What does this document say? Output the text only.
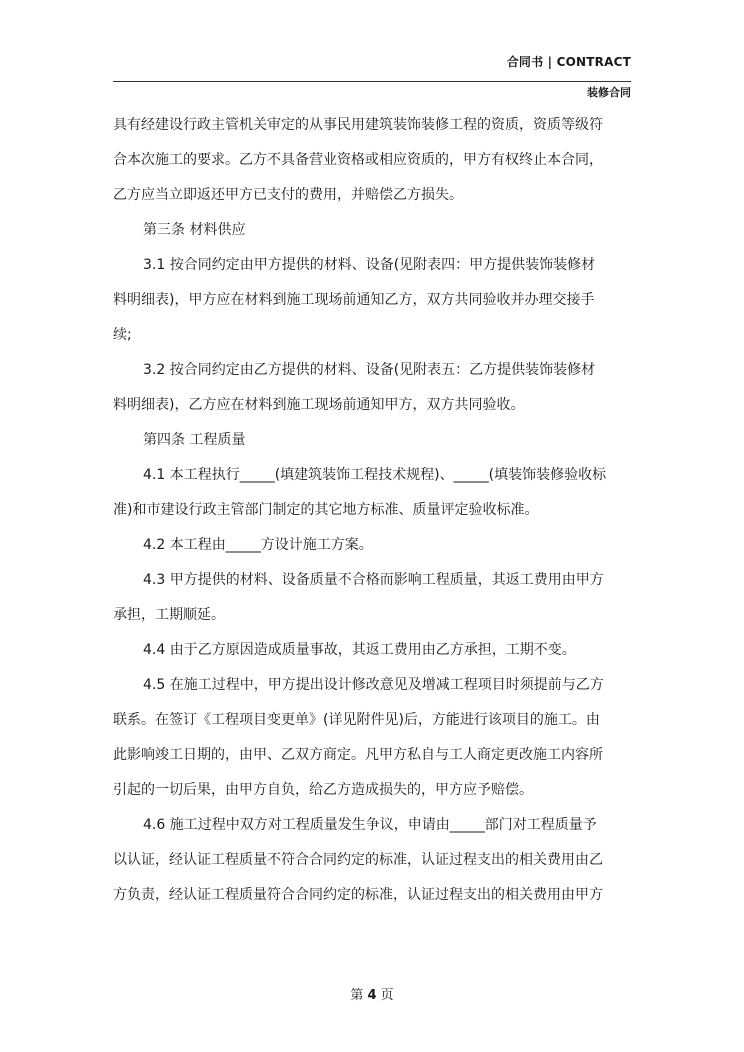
合同书 | CONTRACT
装修合同
具有经建设行政主管机关审定的从事民用建筑装饰装修工程的资质，资质等级符
合本次施工的要求。乙方不具备营业资格或相应资质的，甲方有权终止本合同，
乙方应当立即返还甲方已支付的费用，并赔偿乙方损失。
第三条 材料供应
3.1 按合同约定由甲方提供的材料、设备(见附表四：甲方提供装饰装修材
料明细表)，甲方应在材料到施工现场前通知乙方，双方共同验收并办理交接手
续;
3.2 按合同约定由乙方提供的材料、设备(见附表五：乙方提供装饰装修材
料明细表)，乙方应在材料到施工现场前通知甲方，双方共同验收。
第四条 工程质量
4.1 本工程执行_____(填建筑装饰工程技术规程)、_____(填装饰装修验收标
准)和市建设行政主管部门制定的其它地方标准、质量评定验收标准。
4.2 本工程由_____方设计施工方案。
4.3 甲方提供的材料、设备质量不合格而影响工程质量，其返工费用由甲方
承担，工期顺延。
4.4 由于乙方原因造成质量事故，其返工费用由乙方承担，工期不变。
4.5 在施工过程中，甲方提出设计修改意见及增减工程项目时须提前与乙方
联系。在签订《工程项目变更单》(详见附件见)后，方能进行该项目的施工。由
此影响竣工日期的，由甲、乙双方商定。凡甲方私自与工人商定更改施工内容所
引起的一切后果，由甲方自负，给乙方造成损失的，甲方应予赔偿。
4.6 施工过程中双方对工程质量发生争议，申请由_____部门对工程质量予
以认证，经认证工程质量不符合合同约定的标准，认证过程支出的相关费用由乙
方负责，经认证工程质量符合合同约定的标准，认证过程支出的相关费用由甲方
第 4 页
